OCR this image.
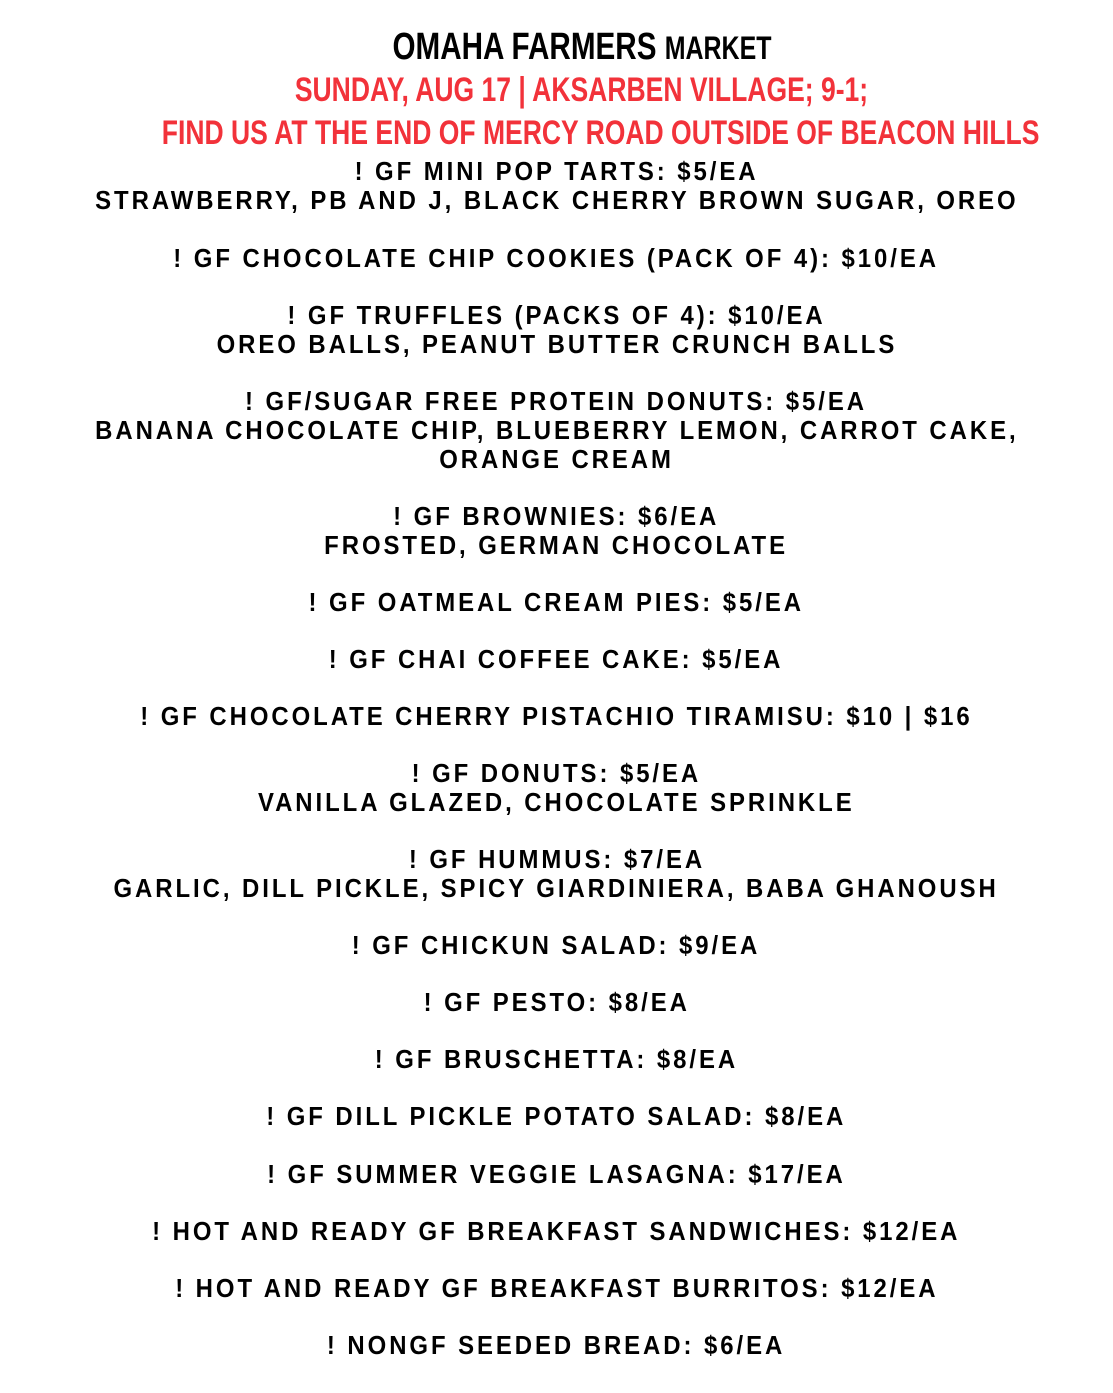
OMAHA FARMERS MARKET
SUNDAY, AUG 17 | AKSARBEN VILLAGE; 9-1;
FIND US AT THE END OF MERCY ROAD OUTSIDE OF BEACON HILLS
! GF MINI POP TARTS: $5/EA
STRAWBERRY, PB AND J, BLACK CHERRY BROWN SUGAR, OREO
! GF CHOCOLATE CHIP COOKIES (PACK OF 4): $10/EA
! GF TRUFFLES (PACKS OF 4): $10/EA
OREO BALLS, PEANUT BUTTER CRUNCH BALLS
! GF/SUGAR FREE PROTEIN DONUTS: $5/EA
BANANA CHOCOLATE CHIP, BLUEBERRY LEMON, CARROT CAKE,
ORANGE CREAM
! GF BROWNIES: $6/EA
FROSTED, GERMAN CHOCOLATE
! GF OATMEAL CREAM PIES: $5/EA
! GF CHAI COFFEE CAKE: $5/EA
! GF CHOCOLATE CHERRY PISTACHIO TIRAMISU: $10 | $16
! GF DONUTS: $5/EA
VANILLA GLAZED, CHOCOLATE SPRINKLE
! GF HUMMUS: $7/EA
GARLIC, DILL PICKLE, SPICY GIARDINIERA, BABA GHANOUSH
! GF CHICKUN SALAD: $9/EA
! GF PESTO: $8/EA
! GF BRUSCHETTA: $8/EA
! GF DILL PICKLE POTATO SALAD: $8/EA
! GF SUMMER VEGGIE LASAGNA: $17/EA
! HOT AND READY GF BREAKFAST SANDWICHES: $12/EA
! HOT AND READY GF BREAKFAST BURRITOS: $12/EA
! NONGF SEEDED BREAD: $6/EA
